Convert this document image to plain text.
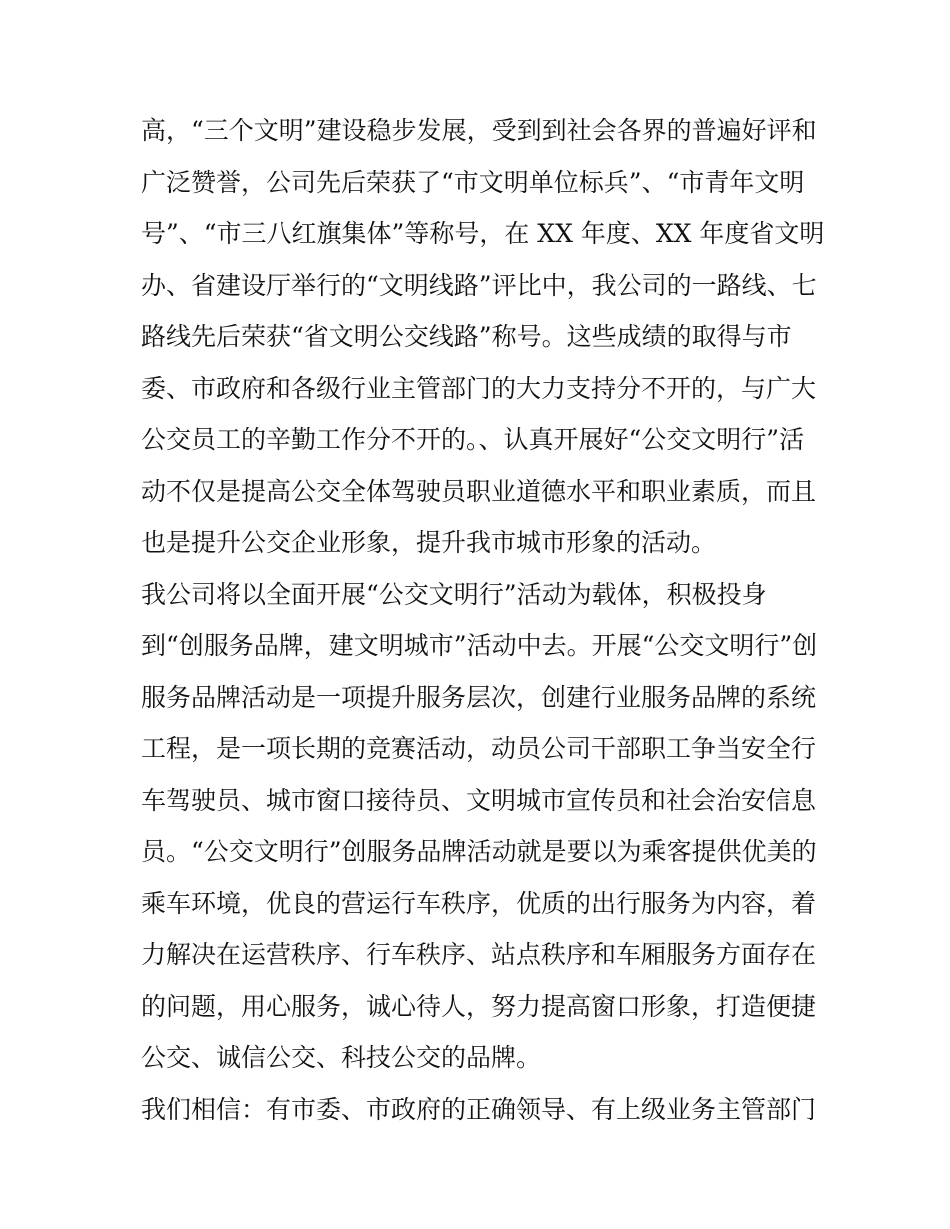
高，“三个文明”建设稳步发展，受到到社会各界的普遍好评和
广泛赞誉，公司先后荣获了“市文明单位标兵”、“市青年文明
号”、“市三八红旗集体”等称号，在 XX 年度、XX 年度省文明
办、省建设厅举行的“文明线路”评比中，我公司的一路线、七
路线先后荣获“省文明公交线路”称号。这些成绩的取得与市
委、市政府和各级行业主管部门的大力支持分不开的，与广大
公交员工的辛勤工作分不开的。、认真开展好“公交文明行”活
动不仅是提高公交全体驾驶员职业道德水平和职业素质，而且
也是提升公交企业形象，提升我市城市形象的活动。
我公司将以全面开展“公交文明行”活动为载体，积极投身
到“创服务品牌，建文明城市”活动中去。开展“公交文明行”创
服务品牌活动是一项提升服务层次，创建行业服务品牌的系统
工程，是一项长期的竞赛活动，动员公司干部职工争当安全行
车驾驶员、城市窗口接待员、文明城市宣传员和社会治安信息
员。“公交文明行”创服务品牌活动就是要以为乘客提供优美的
乘车环境，优良的营运行车秩序，优质的出行服务为内容，着
力解决在运营秩序、行车秩序、站点秩序和车厢服务方面存在
的问题，用心服务，诚心待人，努力提高窗口形象，打造便捷
公交、诚信公交、科技公交的品牌。
我们相信：有市委、市政府的正确领导、有上级业务主管部门
